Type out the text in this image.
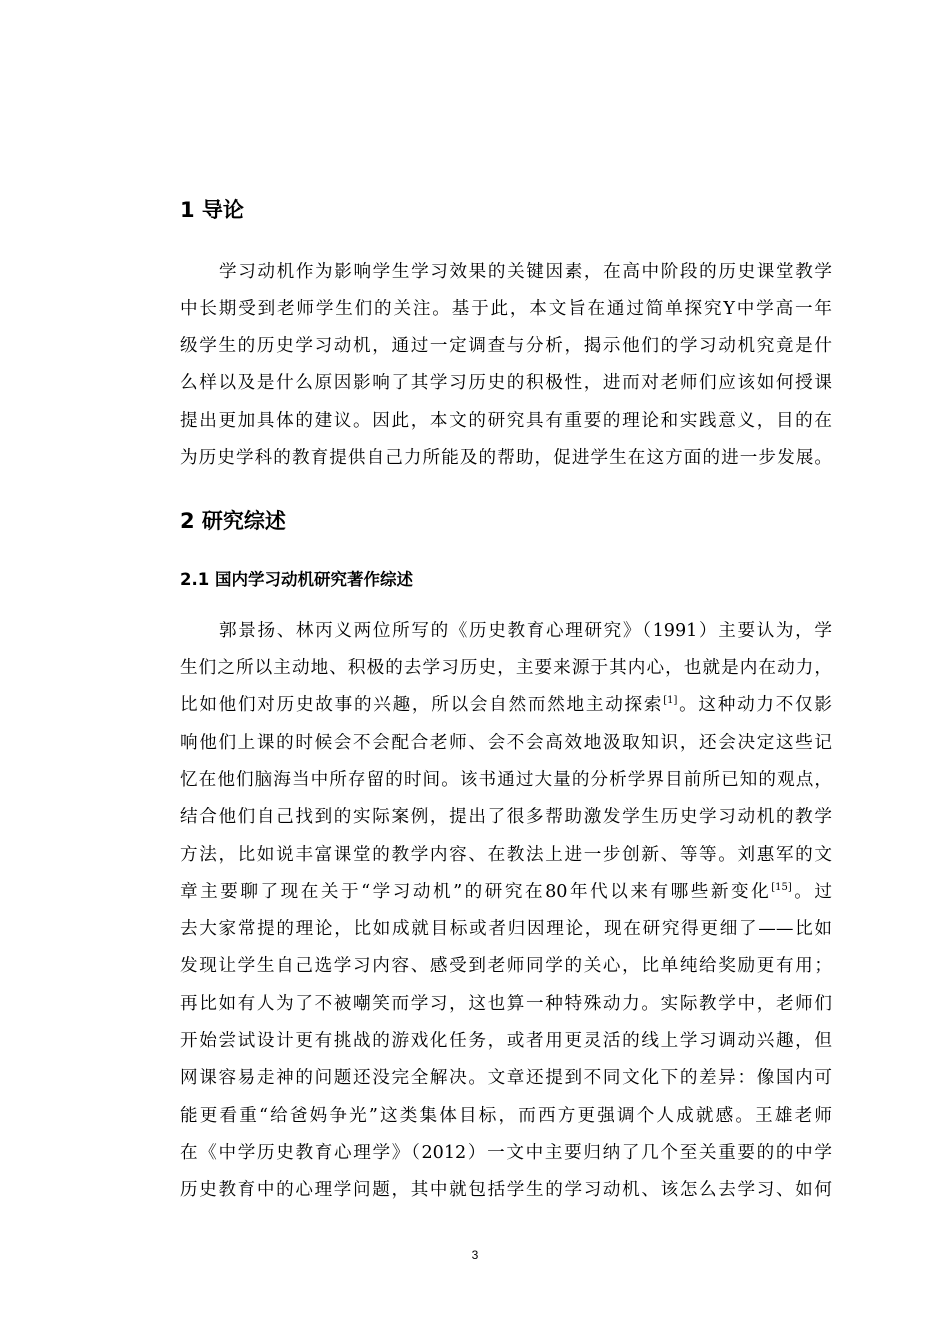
1 导论
学习动机作为影响学生学习效果的关键因素，在高中阶段的历史课堂教学
中长期受到老师学生们的关注。基于此，本文旨在通过简单探究Y中学高一年
级学生的历史学习动机，通过一定调查与分析，揭示他们的学习动机究竟是什
么样以及是什么原因影响了其学习历史的积极性，进而对老师们应该如何授课
提出更加具体的建议。因此，本文的研究具有重要的理论和实践意义，目的在
为历史学科的教育提供自己力所能及的帮助，促进学生在这方面的进一步发展。
2 研究综述
2.1 国内学习动机研究著作综述
郭景扬、林丙义两位所写的《历史教育心理研究》（1991）主要认为，学
生们之所以主动地、积极的去学习历史，主要来源于其内心，也就是内在动力，
比如他们对历史故事的兴趣，所以会自然而然地主动探索[1]。这种动力不仅影
响他们上课的时候会不会配合老师、会不会高效地汲取知识，还会决定这些记
忆在他们脑海当中所存留的时间。该书通过大量的分析学界目前所已知的观点，
结合他们自己找到的实际案例，提出了很多帮助激发学生历史学习动机的教学
方法，比如说丰富课堂的教学内容、在教法上进一步创新、等等。刘惠军的文
章主要聊了现在关于“学习动机”的研究在80年代以来有哪些新变化[15]。过
去大家常提的理论，比如成就目标或者归因理论，现在研究得更细了——比如
发现让学生自己选学习内容、感受到老师同学的关心，比单纯给奖励更有用；
再比如有人为了不被嘲笑而学习，这也算一种特殊动力。实际教学中，老师们
开始尝试设计更有挑战的游戏化任务，或者用更灵活的线上学习调动兴趣，但
网课容易走神的问题还没完全解决。文章还提到不同文化下的差异：像国内可
能更看重“给爸妈争光”这类集体目标，而西方更强调个人成就感。王雄老师
在《中学历史教育心理学》（2012）一文中主要归纳了几个至关重要的的中学
历史教育中的心理学问题，其中就包括学生的学习动机、该怎么去学习、如何
3
